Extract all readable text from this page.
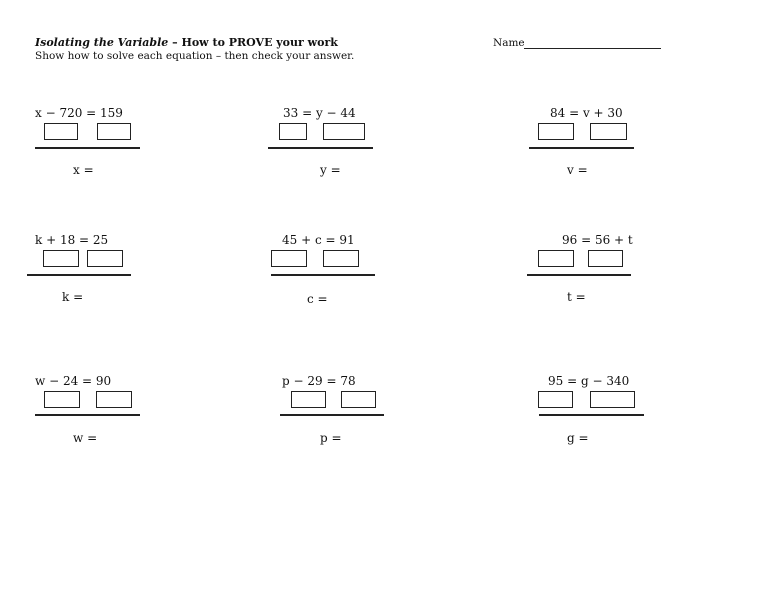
Isolating the Variable – How to PROVE your work
Show how to solve each equation – then check your answer.
Name
x − 720 = 159
x =
33 = y − 44
y =
84 = v + 30
v =
k + 18 = 25
k =
45 + c = 91
c =
96 = 56 + t
t =
w − 24 = 90
w =
p − 29 = 78
p =
95 = g − 340
g =
